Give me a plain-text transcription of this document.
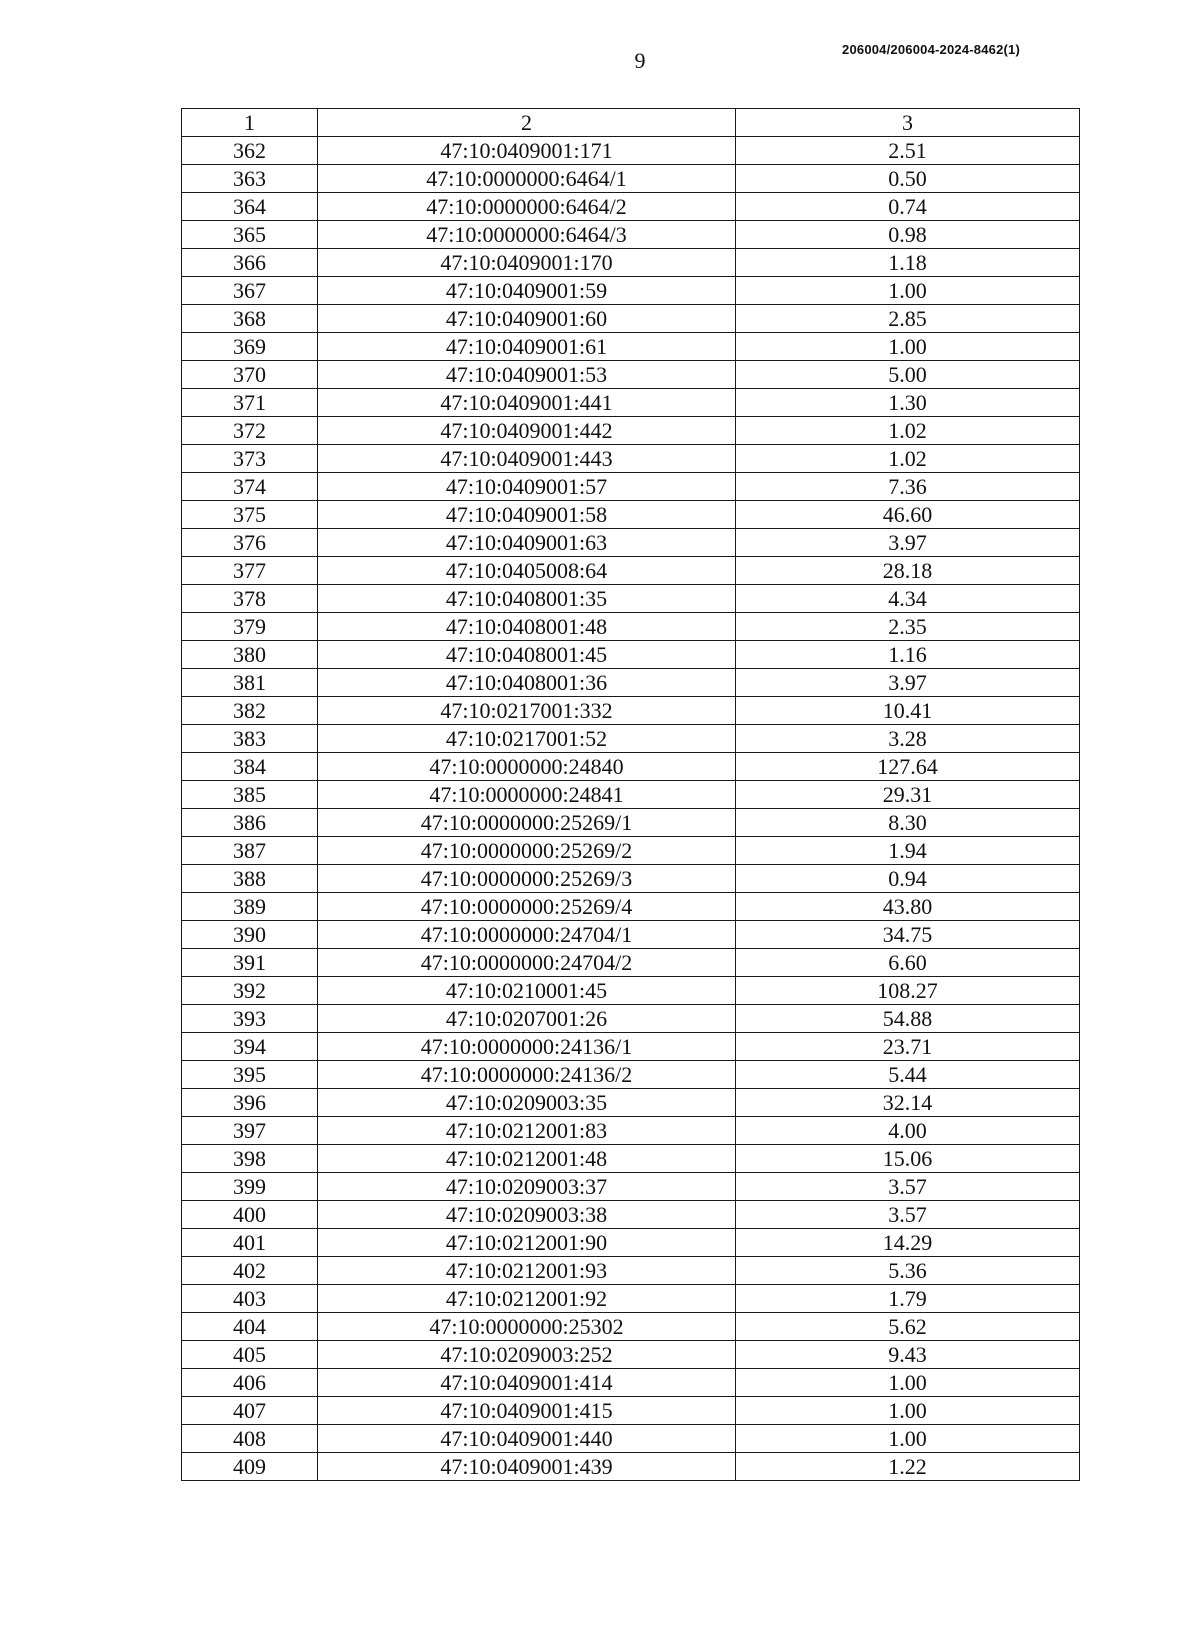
9	206004/206004-2024-8462(1)
1	2	3
362	47:10:0409001:171	2.51
363	47:10:0000000:6464/1	0.50
364	47:10:0000000:6464/2	0.74
365	47:10:0000000:6464/3	0.98
366	47:10:0409001:170	1.18
367	47:10:0409001:59	1.00
368	47:10:0409001:60	2.85
369	47:10:0409001:61	1.00
370	47:10:0409001:53	5.00
371	47:10:0409001:441	1.30
372	47:10:0409001:442	1.02
373	47:10:0409001:443	1.02
374	47:10:0409001:57	7.36
375	47:10:0409001:58	46.60
376	47:10:0409001:63	3.97
377	47:10:0405008:64	28.18
378	47:10:0408001:35	4.34
379	47:10:0408001:48	2.35
380	47:10:0408001:45	1.16
381	47:10:0408001:36	3.97
382	47:10:0217001:332	10.41
383	47:10:0217001:52	3.28
384	47:10:0000000:24840	127.64
385	47:10:0000000:24841	29.31
386	47:10:0000000:25269/1	8.30
387	47:10:0000000:25269/2	1.94
388	47:10:0000000:25269/3	0.94
389	47:10:0000000:25269/4	43.80
390	47:10:0000000:24704/1	34.75
391	47:10:0000000:24704/2	6.60
392	47:10:0210001:45	108.27
393	47:10:0207001:26	54.88
394	47:10:0000000:24136/1	23.71
395	47:10:0000000:24136/2	5.44
396	47:10:0209003:35	32.14
397	47:10:0212001:83	4.00
398	47:10:0212001:48	15.06
399	47:10:0209003:37	3.57
400	47:10:0209003:38	3.57
401	47:10:0212001:90	14.29
402	47:10:0212001:93	5.36
403	47:10:0212001:92	1.79
404	47:10:0000000:25302	5.62
405	47:10:0209003:252	9.43
406	47:10:0409001:414	1.00
407	47:10:0409001:415	1.00
408	47:10:0409001:440	1.00
409	47:10:0409001:439	1.22
